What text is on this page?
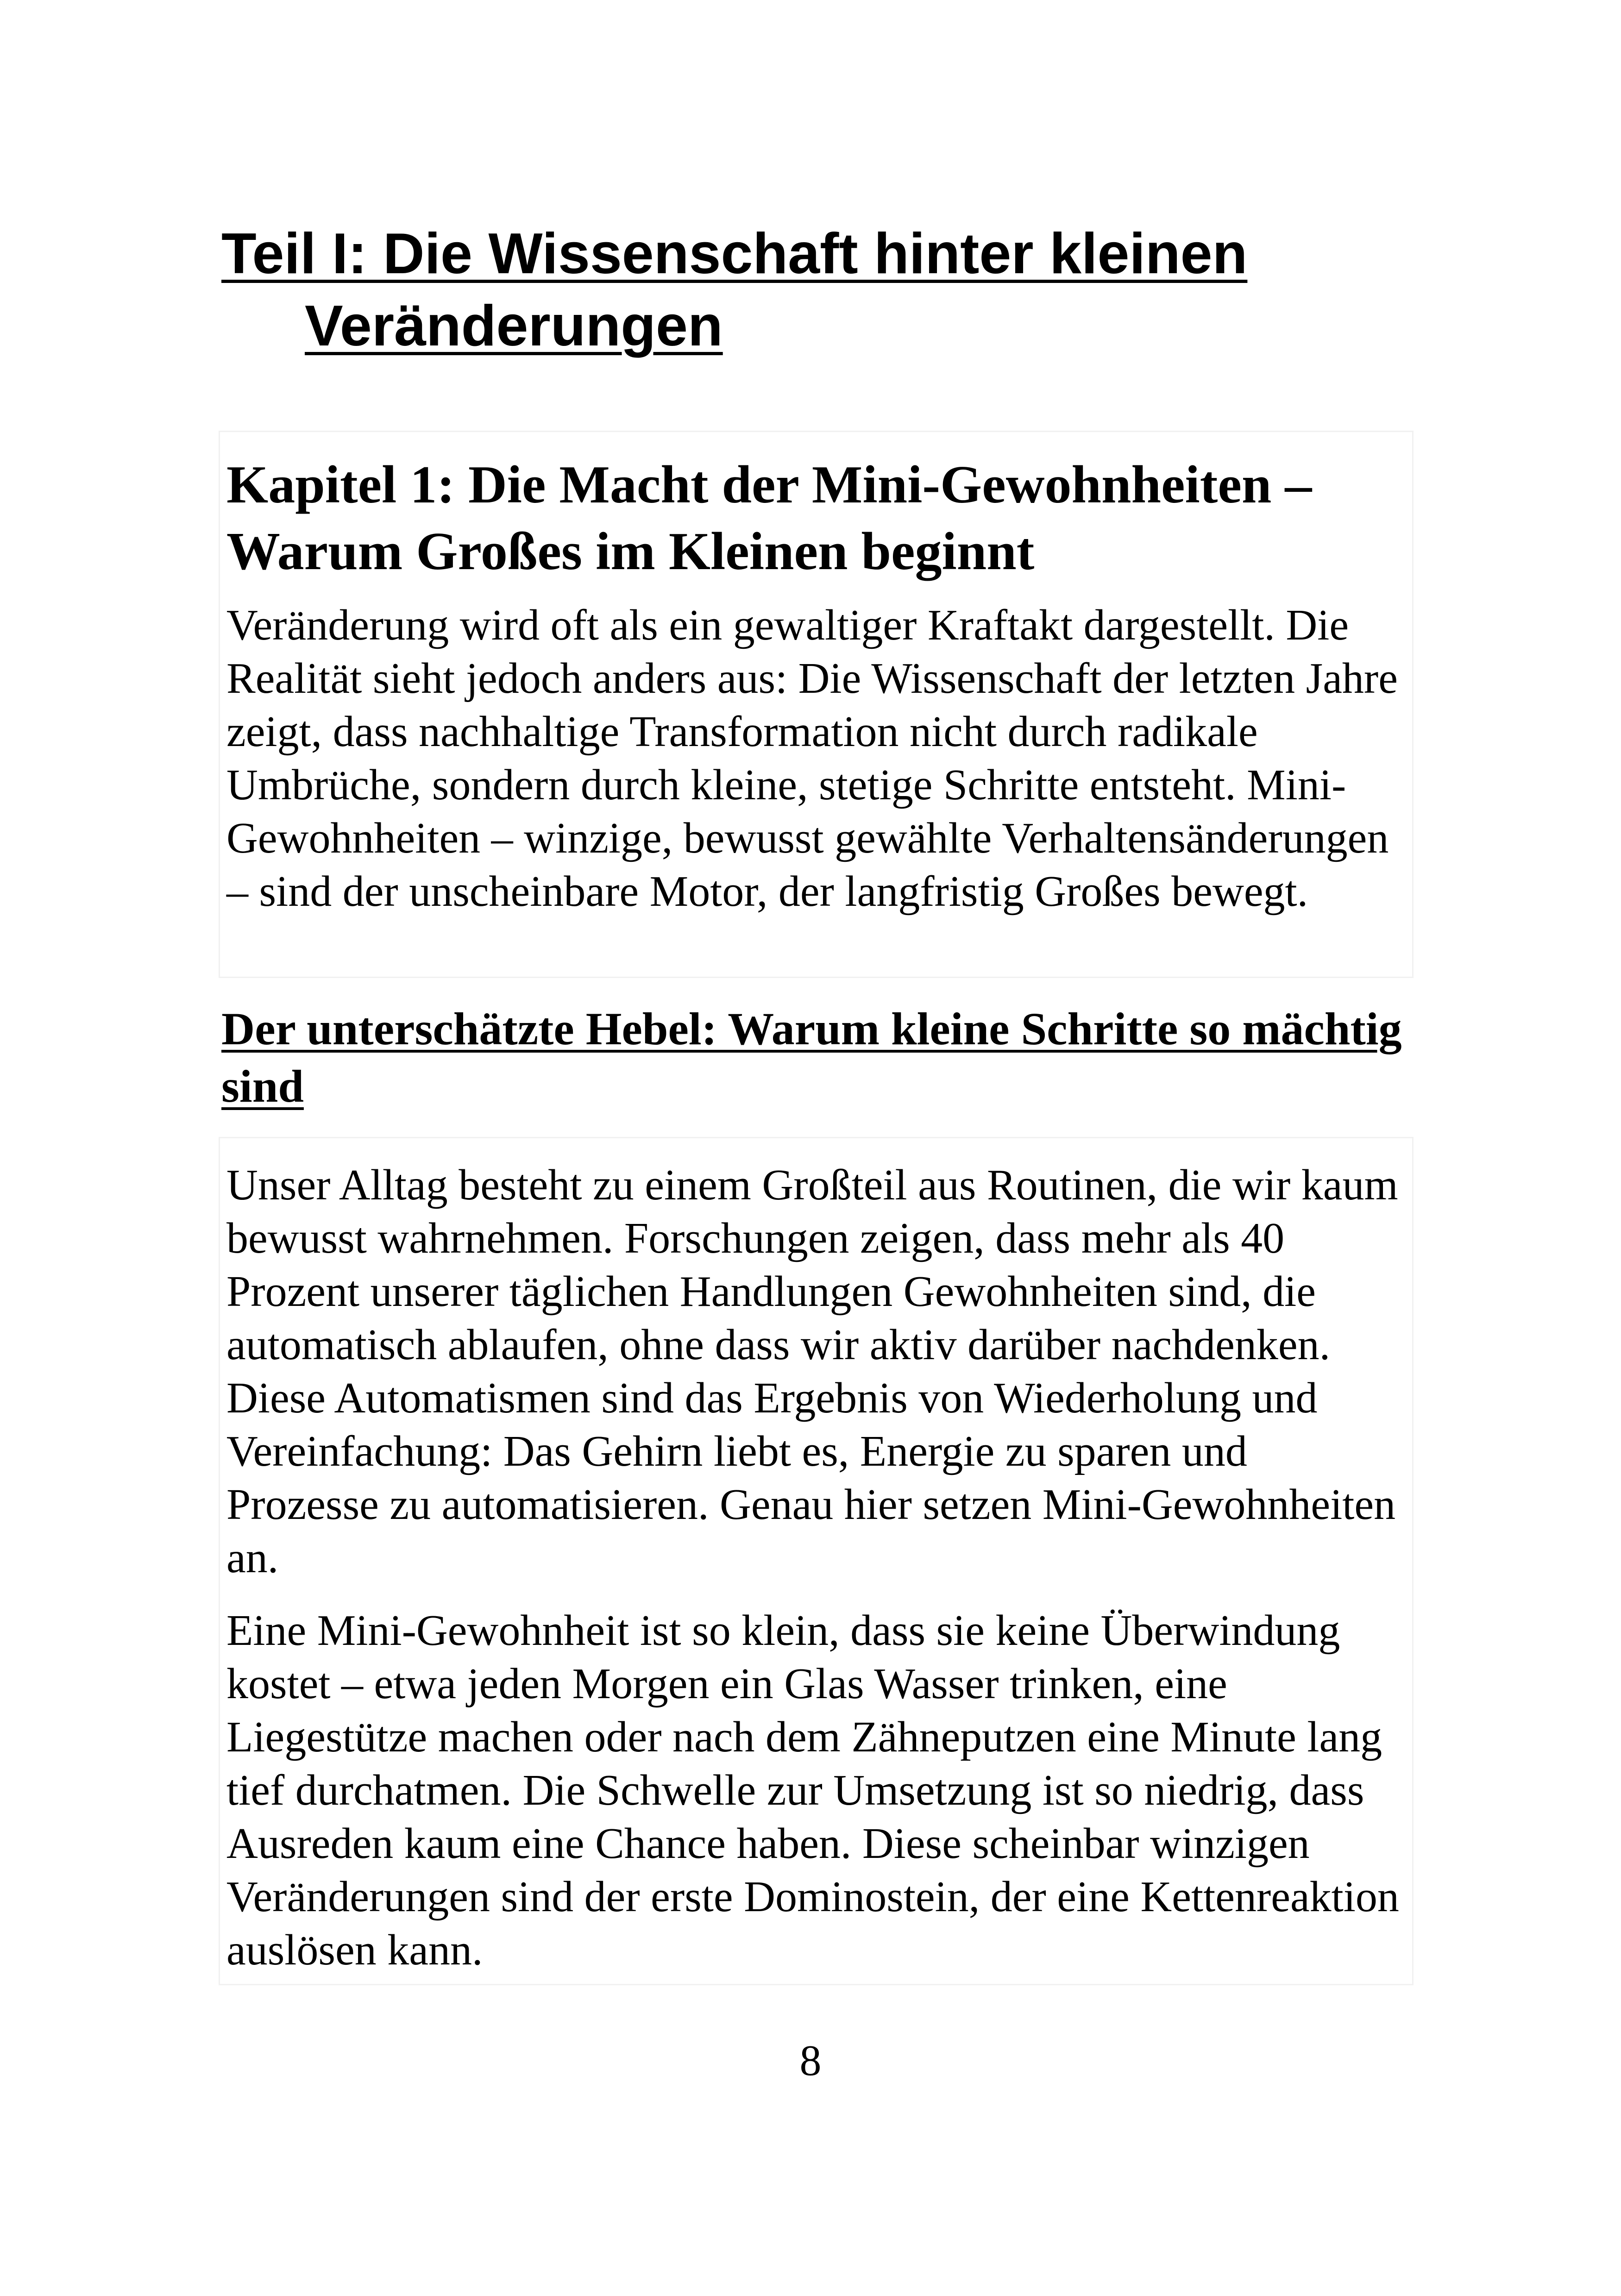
Teil I: Die Wissenschaft hinter kleinen Veränderungen
Kapitel 1: Die Macht der Mini-Gewohnheiten – Warum Großes im Kleinen beginnt

Veränderung wird oft als ein gewaltiger Kraftakt dargestellt. Die Realität sieht jedoch anders aus: Die Wissenschaft der letzten Jahre zeigt, dass nachhaltige Transformation nicht durch radikale Umbrüche, sondern durch kleine, stetige Schritte entsteht. Mini-Gewohnheiten – winzige, bewusst gewählte Verhaltensänderungen – sind der unscheinbare Motor, der langfristig Großes bewegt.

Der unterschätzte Hebel: Warum kleine Schritte so mächtig sind

Unser Alltag besteht zu einem Großteil aus Routinen, die wir kaum bewusst wahrnehmen. Forschungen zeigen, dass mehr als 40 Prozent unserer täglichen Handlungen Gewohnheiten sind, die automatisch ablaufen, ohne dass wir aktiv darüber nachdenken. Diese Automatismen sind das Ergebnis von Wiederholung und Vereinfachung: Das Gehirn liebt es, Energie zu sparen und Prozesse zu automatisieren. Genau hier setzen Mini-Gewohnheiten an.

Eine Mini-Gewohnheit ist so klein, dass sie keine Überwindung kostet – etwa jeden Morgen ein Glas Wasser trinken, eine Liegestütze machen oder nach dem Zähneputzen eine Minute lang tief durchatmen. Die Schwelle zur Umsetzung ist so niedrig, dass Ausreden kaum eine Chance haben. Diese scheinbar winzigen Veränderungen sind der erste Dominostein, der eine Kettenreaktion auslösen kann.

8
